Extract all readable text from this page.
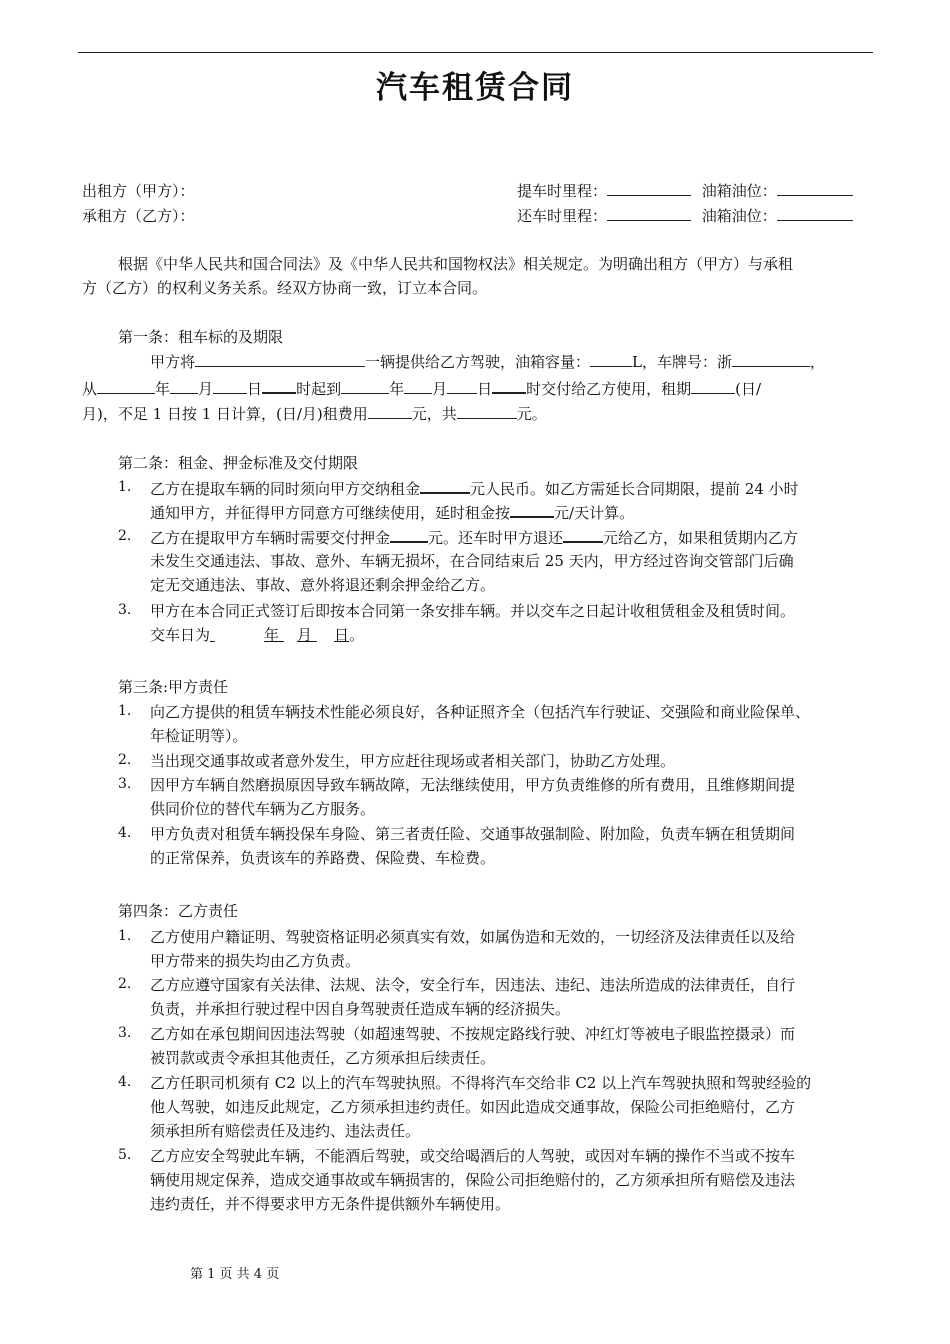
汽车租赁合同
出租方（甲方）：
承租方（乙方）：
提车时里程：	油箱油位：
还车时里程：	油箱油位：
根据《中华人民共和国合同法》及《中华人民共和国物权法》相关规定。为明确出租方（甲方）与承租
方（乙方）的权利义务关系。经双方协商一致，订立本合同。
第一条：租车标的及期限
甲方将	一辆提供给乙方驾驶，油箱容量：	L，车牌号：浙	，
从	年 月 日 时起到	年 月 日 时交付给乙方使用，租期	(日/
月)，不足 1 日按 1 日计算，(日/月)租费用	元，共	元。
第二条：租金、押金标准及交付期限
1. 乙方在提取车辆的同时须向甲方交纳租金	元人民币。如乙方需延长合同期限，提前 24 小时
通知甲方，并征得甲方同意方可继续使用，延时租金按	元/天计算。
2. 乙方在提取甲方车辆时需要交付押金	元。还车时甲方退还	元给乙方，如果租赁期内乙方
未发生交通违法、事故、意外、车辆无损坏，在合同结束后 25 天内，甲方经过咨询交管部门后确
定无交通违法、事故、意外将退还剩余押金给乙方。
3. 甲方在本合同正式签订后即按本合同第一条安排车辆。并以交车之日起计收租赁租金及租赁时间。
交车日为	年 月 日。
第三条:甲方责任
1. 向乙方提供的租赁车辆技术性能必须良好，各种证照齐全（包括汽车行驶证、交强险和商业险保单、
年检证明等）。
2. 当出现交通事故或者意外发生，甲方应赶往现场或者相关部门，协助乙方处理。
3. 因甲方车辆自然磨损原因导致车辆故障，无法继续使用，甲方负责维修的所有费用，且维修期间提
供同价位的替代车辆为乙方服务。
4. 甲方负责对租赁车辆投保车身险、第三者责任险、交通事故强制险、附加险，负责车辆在租赁期间
的正常保养，负责该车的养路费、保险费、车检费。
第四条：乙方责任
1. 乙方使用户籍证明、驾驶资格证明必须真实有效，如属伪造和无效的，一切经济及法律责任以及给
甲方带来的损失均由乙方负责。
2. 乙方应遵守国家有关法律、法规、法令，安全行车，因违法、违纪、违法所造成的法律责任，自行
负责，并承担行驶过程中因自身驾驶责任造成车辆的经济损失。
3. 乙方如在承包期间因违法驾驶（如超速驾驶、不按规定路线行驶、冲红灯等被电子眼监控摄录）而
被罚款或责令承担其他责任，乙方须承担后续责任。
4. 乙方任职司机须有 C2 以上的汽车驾驶执照。不得将汽车交给非 C2 以上汽车驾驶执照和驾驶经验的
他人驾驶，如违反此规定，乙方须承担违约责任。如因此造成交通事故，保险公司拒绝赔付，乙方
须承担所有赔偿责任及违约、违法责任。
5. 乙方应安全驾驶此车辆，不能酒后驾驶，或交给喝酒后的人驾驶，或因对车辆的操作不当或不按车
辆使用规定保养，造成交通事故或车辆损害的，保险公司拒绝赔付的，乙方须承担所有赔偿及违法
违约责任，并不得要求甲方无条件提供额外车辆使用。
第 1 页 共 4 页
